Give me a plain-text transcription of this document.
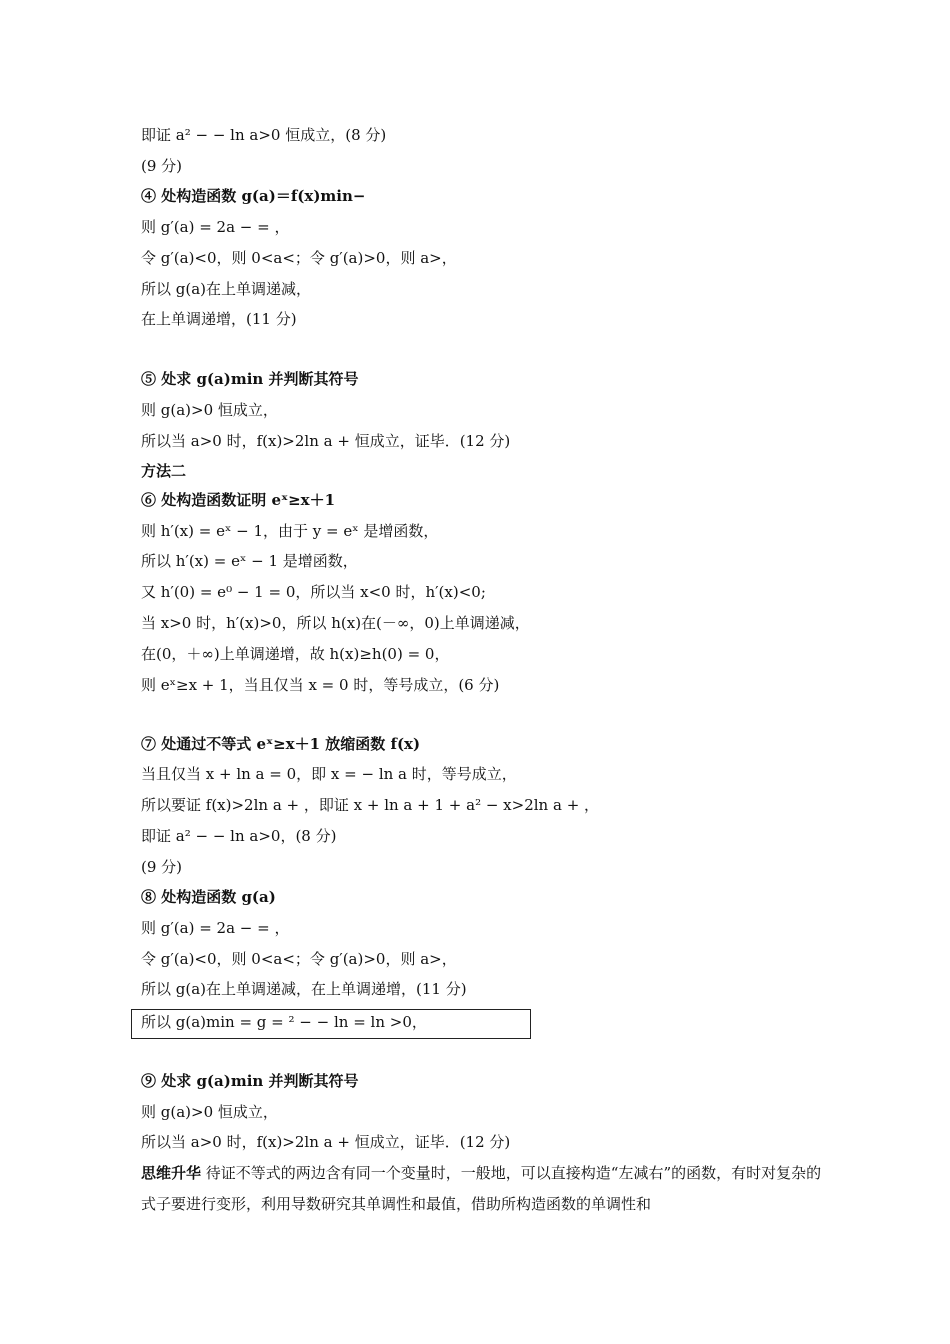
即证 a² − − ln a>0 恒成立，(8 分)
(9 分)
④ 处构造函数 g(a)＝f(x)min−
则 g′(a) = 2a − = ，
令 g′(a)<0，则 0<a<；令 g′(a)>0，则 a>，
所以 g(a)在上单调递减，
在上单调递增，(11 分)
⑤ 处求 g(a)min 并判断其符号
则 g(a)>0 恒成立，
所以当 a>0 时，f(x)>2ln a + 恒成立，证毕．(12 分)
方法二
⑥ 处构造函数证明 eˣ≥x＋1
则 h′(x) = eˣ − 1，由于 y = eˣ 是增函数，
所以 h′(x) = eˣ − 1 是增函数，
又 h′(0) = e⁰ − 1 = 0，所以当 x<0 时，h′(x)<0;
当 x>0 时，h′(x)>0，所以 h(x)在(－∞，0)上单调递减，
在(0，＋∞)上单调递增，故 h(x)≥h(0) = 0，
则 eˣ≥x + 1，当且仅当 x = 0 时，等号成立，(6 分)
⑦ 处通过不等式 eˣ≥x＋1 放缩函数 f(x)
当且仅当 x + ln a = 0，即 x = − ln a 时，等号成立，
所以要证 f(x)>2ln a + ，即证 x + ln a + 1 + a² − x>2ln a + ，
即证 a² − − ln a>0，(8 分)
(9 分)
⑧ 处构造函数 g(a)
则 g′(a) = 2a − = ，
令 g′(a)<0，则 0<a<；令 g′(a)>0，则 a>，
所以 g(a)在上单调递减，在上单调递增，(11 分)
所以 g(a)min = g = ² − − ln = ln >0，
⑨ 处求 g(a)min 并判断其符号
则 g(a)>0 恒成立，
所以当 a>0 时，f(x)>2ln a + 恒成立，证毕．(12 分)
思维升华 待证不等式的两边含有同一个变量时，一般地，可以直接构造“左减右”的函数，有时对复杂的式子要进行变形，利用导数研究其单调性和最值，借助所构造函数的单调性和
